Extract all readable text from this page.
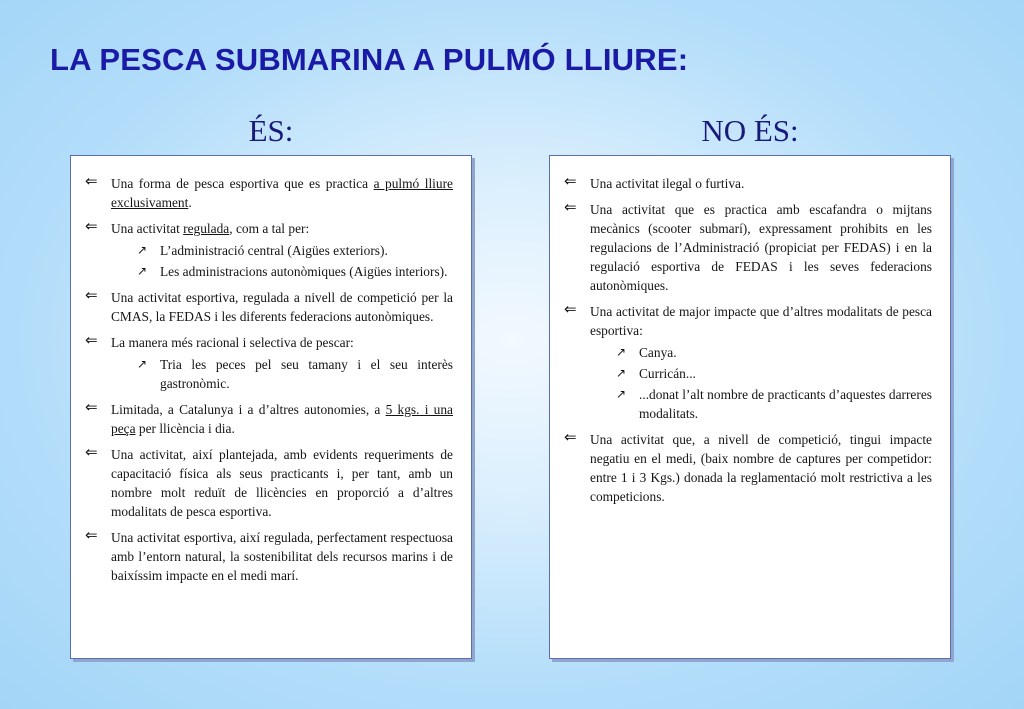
LA PESCA SUBMARINA A PULMÓ LLIURE:
ÉS:	NO ÉS:
⇐ Una forma de pesca esportiva que es practica a pulmó lliure exclusivament.
⇐ Una activitat regulada, com a tal per:
↗ L’administració central (Aigües exteriors).
↗ Les administracions autonòmiques (Aigües interiors).
⇐ Una activitat esportiva, regulada a nivell de competició per la CMAS, la FEDAS i les diferents federacions autonòmiques.
⇐ La manera més racional i selectiva de pescar:
↗ Tria les peces pel seu tamany i el seu interès gastronòmic.
⇐ Limitada, a Catalunya i a d’altres autonomies, a 5 kgs. i una peça per llicència i dia.
⇐ Una activitat, així plantejada, amb evidents requeriments de capacitació física als seus practicants i, per tant, amb un nombre molt reduït de llicències en proporció a d’altres modalitats de pesca esportiva.
⇐ Una activitat esportiva, així regulada, perfectament respectuosa amb l’entorn natural, la sostenibilitat dels recursos marins i de baixíssim impacte en el medi marí.
⇐ Una activitat ilegal o furtiva.
⇐ Una activitat que es practica amb escafandra o mijtans mecànics (scooter submarí), expressament prohibits en les regulacions de l’Administració (propiciat per FEDAS) i en la regulació esportiva de FEDAS i les seves federacions autonòmiques.
⇐ Una activitat de major impacte que d’altres modalitats de pesca esportiva:
↗ Canya.
↗ Curricán...
↗ ...donat l’alt nombre de practicants d’aquestes darreres modalitats.
⇐ Una activitat que, a nivell de competició, tingui impacte negatiu en el medi, (baix nombre de captures per competidor: entre 1 i 3 Kgs.) donada la reglamentació molt restrictiva a les competicions.
